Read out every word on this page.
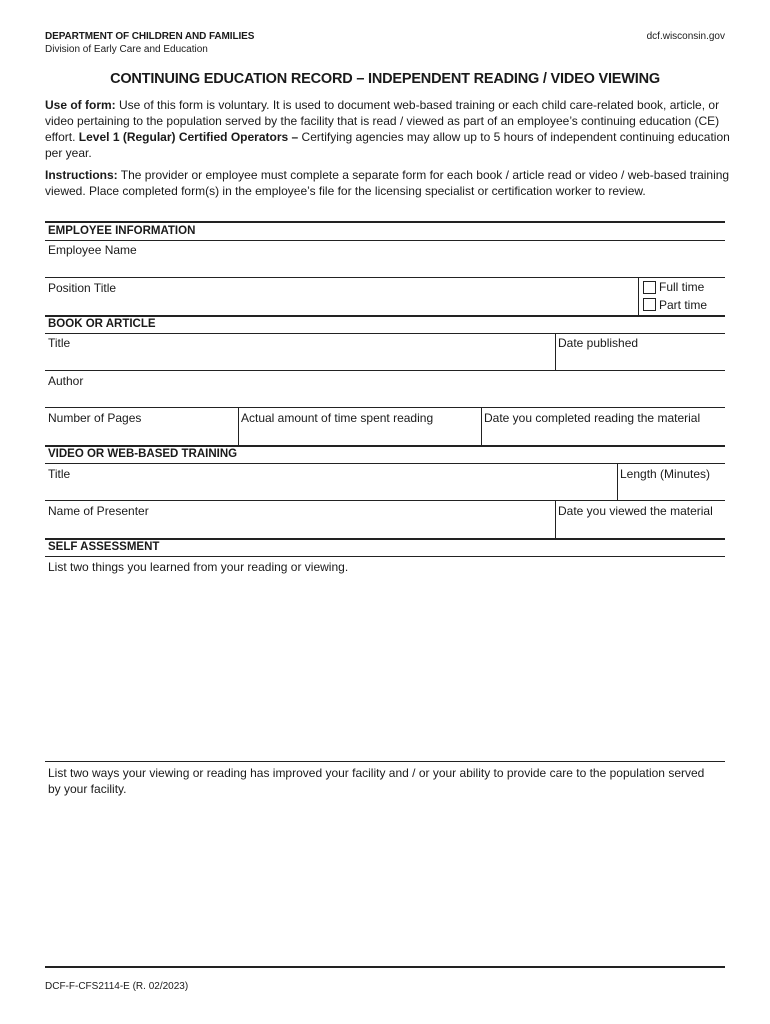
DEPARTMENT OF CHILDREN AND FAMILIES
Division of Early Care and Education
dcf.wisconsin.gov
CONTINUING EDUCATION RECORD – INDEPENDENT READING / VIDEO VIEWING
Use of form: Use of this form is voluntary. It is used to document web-based training or each child care-related book, article, or video pertaining to the population served by the facility that is read / viewed as part of an employee’s continuing education (CE) effort. Level 1 (Regular) Certified Operators – Certifying agencies may allow up to 5 hours of independent continuing education per year.
Instructions: The provider or employee must complete a separate form for each book / article read or video / web-based training viewed. Place completed form(s) in the employee’s file for the licensing specialist or certification worker to review.
EMPLOYEE INFORMATION
Employee Name
Position Title	Full time
Part time
BOOK OR ARTICLE
Title	Date published
Author
Number of Pages	Actual amount of time spent reading	Date you completed reading the material
VIDEO OR WEB-BASED TRAINING
Title	Length (Minutes)
Name of Presenter	Date you viewed the material
SELF ASSESSMENT
List two things you learned from your reading or viewing.
List two ways your viewing or reading has improved your facility and / or your ability to provide care to the population served by your facility.
DCF-F-CFS2114-E (R. 02/2023)
